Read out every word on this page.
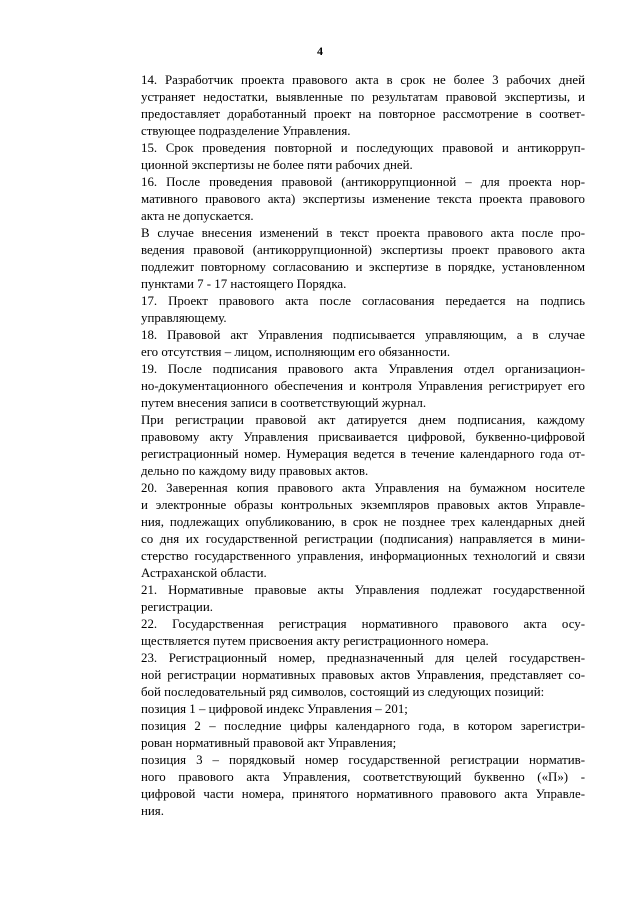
4

14. Разработчик проекта правового акта в срок не более 3 рабочих дней
устраняет недостатки, выявленные по результатам правовой экспертизы, и
предоставляет доработанный проект на повторное рассмотрение в соответ-
ствующее подразделение Управления.

15. Срок проведения повторной и последующих правовой и антикорруп-
ционной экспертизы не более пяти рабочих дней.

16. После проведения правовой (антикоррупционной – для проекта нор-
мативного правового акта) экспертизы изменение текста проекта правового
акта не допускается.

В случае внесения изменений в текст проекта правового акта после про-
ведения правовой (антикоррупционной) экспертизы проект правового акта
подлежит повторному согласованию и экспертизе в порядке, установленном
пунктами 7 - 17 настоящего Порядка.

17. Проект правового акта после согласования передается на подпись
управляющему.

18. Правовой акт Управления подписывается управляющим, а в случае
его отсутствия – лицом, исполняющим его обязанности.

19. После подписания правового акта Управления отдел организацион-
но-документационного обеспечения и контроля Управления регистрирует его
путем внесения записи в соответствующий журнал.

При регистрации правовой акт датируется днем подписания, каждому
правовому акту Управления присваивается цифровой, буквенно-цифровой
регистрационный номер. Нумерация ведется в течение календарного года от-
дельно по каждому виду правовых актов.

20. Заверенная копия правового акта Управления на бумажном носителе
и электронные образы контрольных экземпляров правовых актов Управле-
ния, подлежащих опубликованию, в срок не позднее трех календарных дней
со дня их государственной регистрации (подписания) направляется в мини-
стерство государственного управления, информационных технологий и связи
Астраханской области.

21. Нормативные правовые акты Управления подлежат государственной
регистрации.

22. Государственная регистрация нормативного правового акта осу-
ществляется путем присвоения акту регистрационного номера.

23. Регистрационный номер, предназначенный для целей государствен-
ной регистрации нормативных правовых актов Управления, представляет со-
бой последовательный ряд символов, состоящий из следующих позиций:

позиция 1 – цифровой индекс Управления – 201;

позиция 2 – последние цифры календарного года, в котором зарегистри-
рован нормативный правовой акт Управления;

позиция 3 – порядковый номер государственной регистрации норматив-
ного правового акта Управления, соответствующий буквенно («П») -
цифровой части номера, принятого нормативного правового акта Управле-
ния.
